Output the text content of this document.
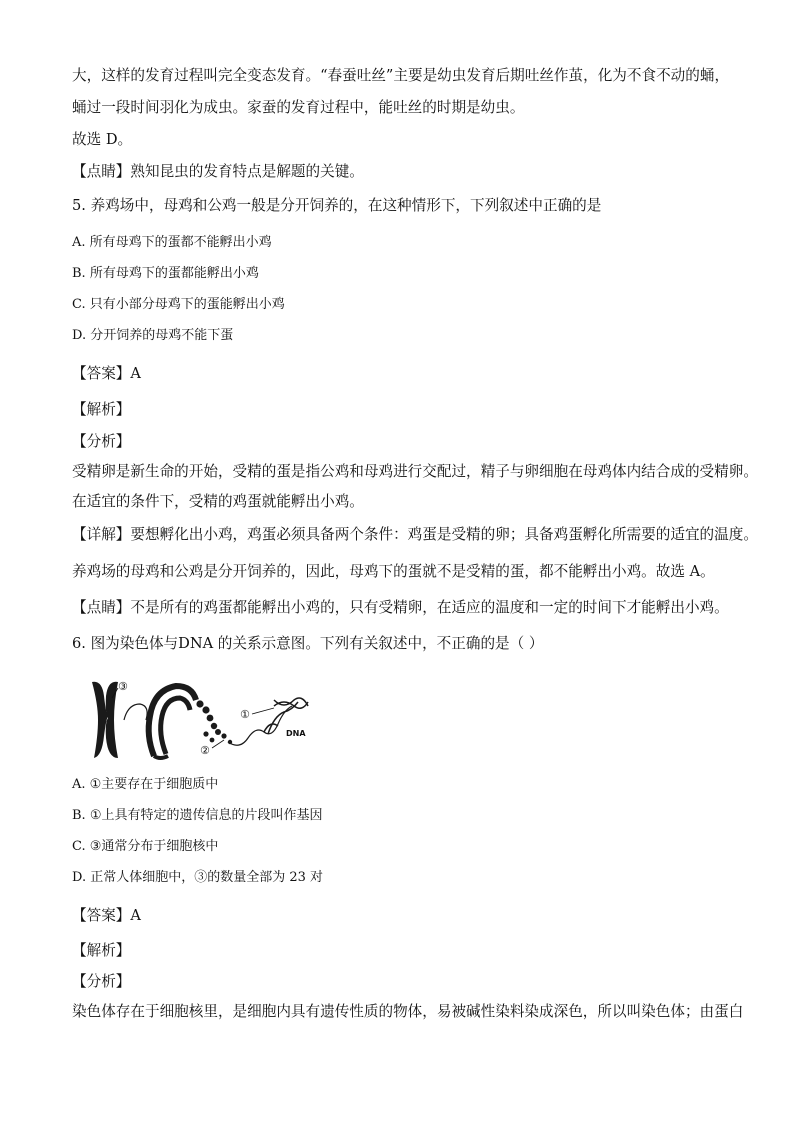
大，这样的发育过程叫完全变态发育。“春蚕吐丝”主要是幼虫发育后期吐丝作茧，化为不食不动的蛹，
蛹过一段时间羽化为成虫。家蚕的发育过程中，能吐丝的时期是幼虫。
故选 D。
【点睛】熟知昆虫的发育特点是解题的关键。
5. 养鸡场中，母鸡和公鸡一般是分开饲养的，在这种情形下，下列叙述中正确的是
A. 所有母鸡下的蛋都不能孵出小鸡
B. 所有母鸡下的蛋都能孵出小鸡
C. 只有小部分母鸡下的蛋能孵出小鸡
D. 分开饲养的母鸡不能下蛋
【答案】A
【解析】
【分析】
受精卵是新生命的开始，受精的蛋是指公鸡和母鸡进行交配过，精子与卵细胞在母鸡体内结合成的受精卵。
在适宜的条件下，受精的鸡蛋就能孵出小鸡。
【详解】要想孵化出小鸡，鸡蛋必须具备两个条件：鸡蛋是受精的卵；具备鸡蛋孵化所需要的适宜的温度。
养鸡场的母鸡和公鸡是分开饲养的，因此，母鸡下的蛋就不是受精的蛋，都不能孵出小鸡。故选 A。
【点睛】不是所有的鸡蛋都能孵出小鸡的，只有受精卵，在适应的温度和一定的时间下才能孵出小鸡。
6. 图为染色体与DNA 的关系示意图。下列有关叙述中，不正确的是（ ）
③
①
②
DNA
A. ①主要存在于细胞质中
B. ①上具有特定的遗传信息的片段叫作基因
C. ③通常分布于细胞核中
D. 正常人体细胞中，③的数量全部为 23 对
【答案】A
【解析】
【分析】
染色体存在于细胞核里，是细胞内具有遗传性质的物体，易被碱性染料染成深色，所以叫染色体；由蛋白
